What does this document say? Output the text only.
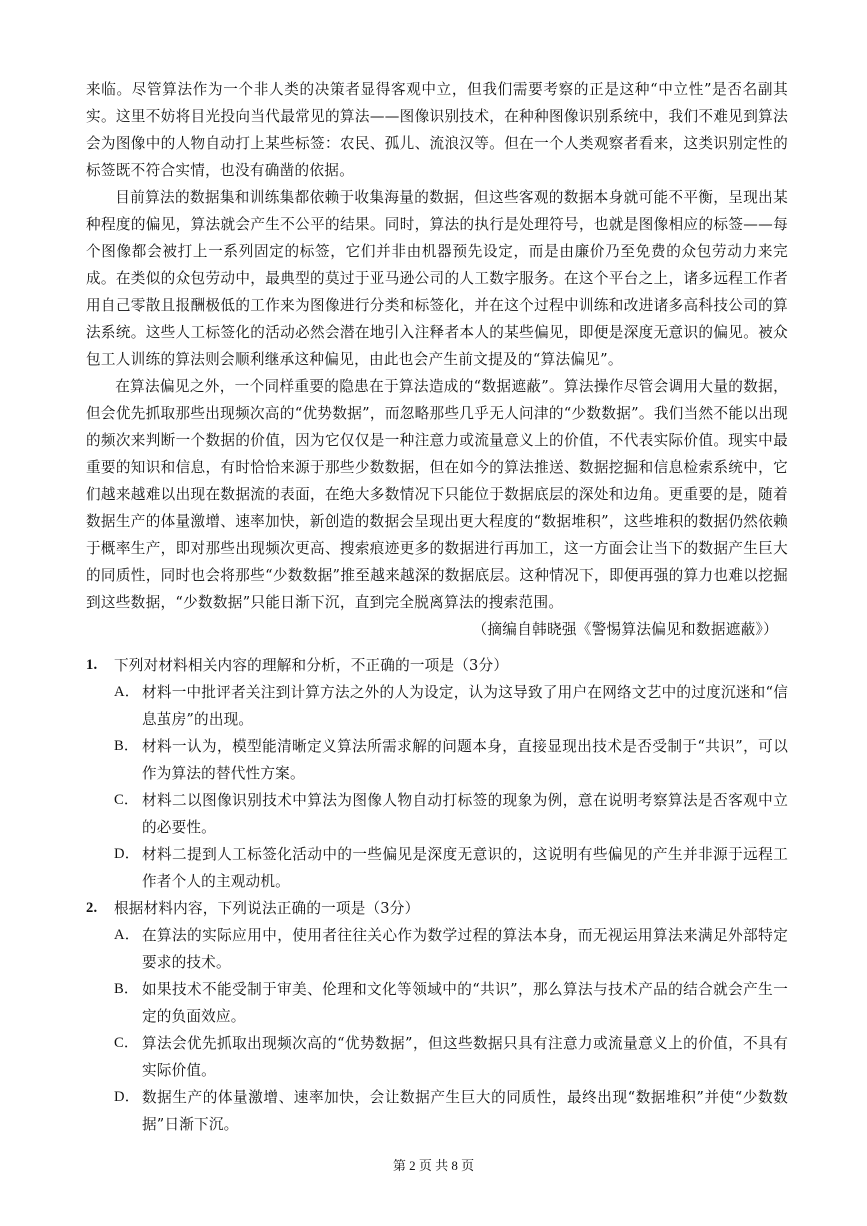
来临。尽管算法作为一个非人类的决策者显得客观中立，但我们需要考察的正是这种“中立性”是否名副其实。这里不妨将目光投向当代最常见的算法——图像识别技术，在种种图像识别系统中，我们不难见到算法会为图像中的人物自动打上某些标签：农民、孤儿、流浪汉等。但在一个人类观察者看来，这类识别定性的标签既不符合实情，也没有确凿的依据。

目前算法的数据集和训练集都依赖于收集海量的数据，但这些客观的数据本身就可能不平衡，呈现出某种程度的偏见，算法就会产生不公平的结果。同时，算法的执行是处理符号，也就是图像相应的标签——每个图像都会被打上一系列固定的标签，它们并非由机器预先设定，而是由廉价乃至免费的众包劳动力来完成。在类似的众包劳动中，最典型的莫过于亚马逊公司的人工数字服务。在这个平台之上，诸多远程工作者用自己零散且报酬极低的工作来为图像进行分类和标签化，并在这个过程中训练和改进诸多高科技公司的算法系统。这些人工标签化的活动必然会潜在地引入注释者本人的某些偏见，即便是深度无意识的偏见。被众包工人训练的算法则会顺利继承这种偏见，由此也会产生前文提及的“算法偏见”。

在算法偏见之外，一个同样重要的隐患在于算法造成的“数据遮蔽”。算法操作尽管会调用大量的数据，但会优先抓取那些出现频次高的“优势数据”，而忽略那些几乎无人问津的“少数数据”。我们当然不能以出现的频次来判断一个数据的价值，因为它仅仅是一种注意力或流量意义上的价值，不代表实际价值。现实中最重要的知识和信息，有时恰恰来源于那些少数数据，但在如今的算法推送、数据挖掘和信息检索系统中，它们越来越难以出现在数据流的表面，在绝大多数情况下只能位于数据底层的深处和边角。更重要的是，随着数据生产的体量激增、速率加快，新创造的数据会呈现出更大程度的“数据堆积”，这些堆积的数据仍然依赖于概率生产，即对那些出现频次更高、搜索痕迹更多的数据进行再加工，这一方面会让当下的数据产生巨大的同质性，同时也会将那些“少数数据”推至越来越深的数据底层。这种情况下，即便再强的算力也难以挖掘到这些数据，“少数数据”只能日渐下沉，直到完全脱离算法的搜索范围。

（摘编自韩晓强《警惕算法偏见和数据遮蔽》）

1.	下列对材料相关内容的理解和分析，不正确的一项是（3分）
A． 材料一中批评者关注到计算方法之外的人为设定，认为这导致了用户在网络文艺中的过度沉迷和“信息茧房”的出现。
B． 材料一认为，模型能清晰定义算法所需求解的问题本身，直接显现出技术是否受制于“共识”，可以作为算法的替代性方案。
C． 材料二以图像识别技术中算法为图像人物自动打标签的现象为例，意在说明考察算法是否客观中立的必要性。
D． 材料二提到人工标签化活动中的一些偏见是深度无意识的，这说明有些偏见的产生并非源于远程工作者个人的主观动机。
2.	根据材料内容，下列说法正确的一项是（3分）
A． 在算法的实际应用中，使用者往往关心作为数学过程的算法本身，而无视运用算法来满足外部特定要求的技术。
B． 如果技术不能受制于审美、伦理和文化等领域中的“共识”，那么算法与技术产品的结合就会产生一定的负面效应。
C． 算法会优先抓取出现频次高的“优势数据”，但这些数据只具有注意力或流量意义上的价值，不具有实际价值。
D． 数据生产的体量激增、速率加快，会让数据产生巨大的同质性，最终出现“数据堆积”并使“少数数据”日渐下沉。
第 2 页 共 8 页
